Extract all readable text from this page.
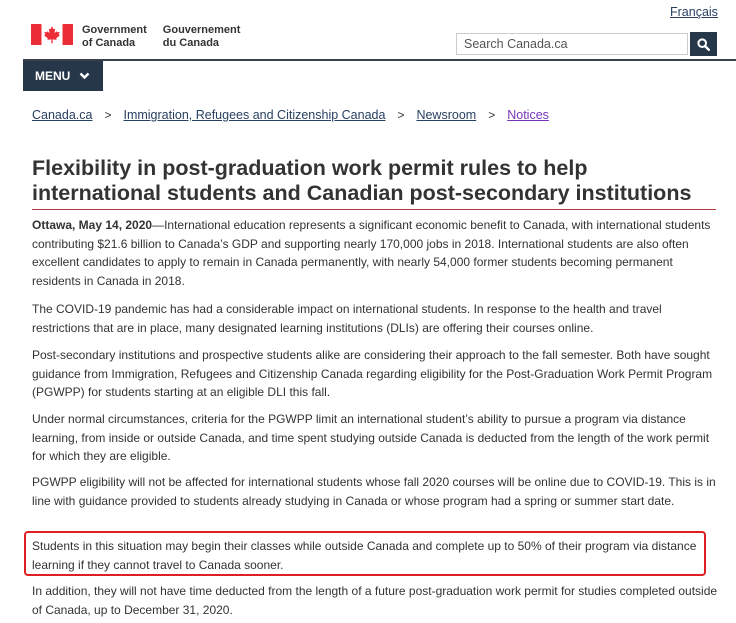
Français
Government
of Canada
Gouvernement
du Canada
Search Canada.ca
MENU
Canada.ca > Immigration, Refugees and Citizenship Canada > Newsroom > Notices
Flexibility in post-graduation work permit rules to help international students and Canadian post-secondary institutions

Ottawa, May 14, 2020—International education represents a significant economic benefit to Canada, with international students contributing $21.6 billion to Canada’s GDP and supporting nearly 170,000 jobs in 2018. International students are also often excellent candidates to apply to remain in Canada permanently, with nearly 54,000 former students becoming permanent residents in Canada in 2018.

The COVID-19 pandemic has had a considerable impact on international students. In response to the health and travel restrictions that are in place, many designated learning institutions (DLIs) are offering their courses online.

Post-secondary institutions and prospective students alike are considering their approach to the fall semester. Both have sought guidance from Immigration, Refugees and Citizenship Canada regarding eligibility for the Post-Graduation Work Permit Program (PGWPP) for students starting at an eligible DLI this fall.

Under normal circumstances, criteria for the PGWPP limit an international student’s ability to pursue a program via distance learning, from inside or outside Canada, and time spent studying outside Canada is deducted from the length of the work permit for which they are eligible.

PGWPP eligibility will not be affected for international students whose fall 2020 courses will be online due to COVID-19. This is in line with guidance provided to students already studying in Canada or whose program had a spring or summer start date.

Students in this situation may begin their classes while outside Canada and complete up to 50% of their program via distance learning if they cannot travel to Canada sooner.

In addition, they will not have time deducted from the length of a future post-graduation work permit for studies completed outside of Canada, up to December 31, 2020.
